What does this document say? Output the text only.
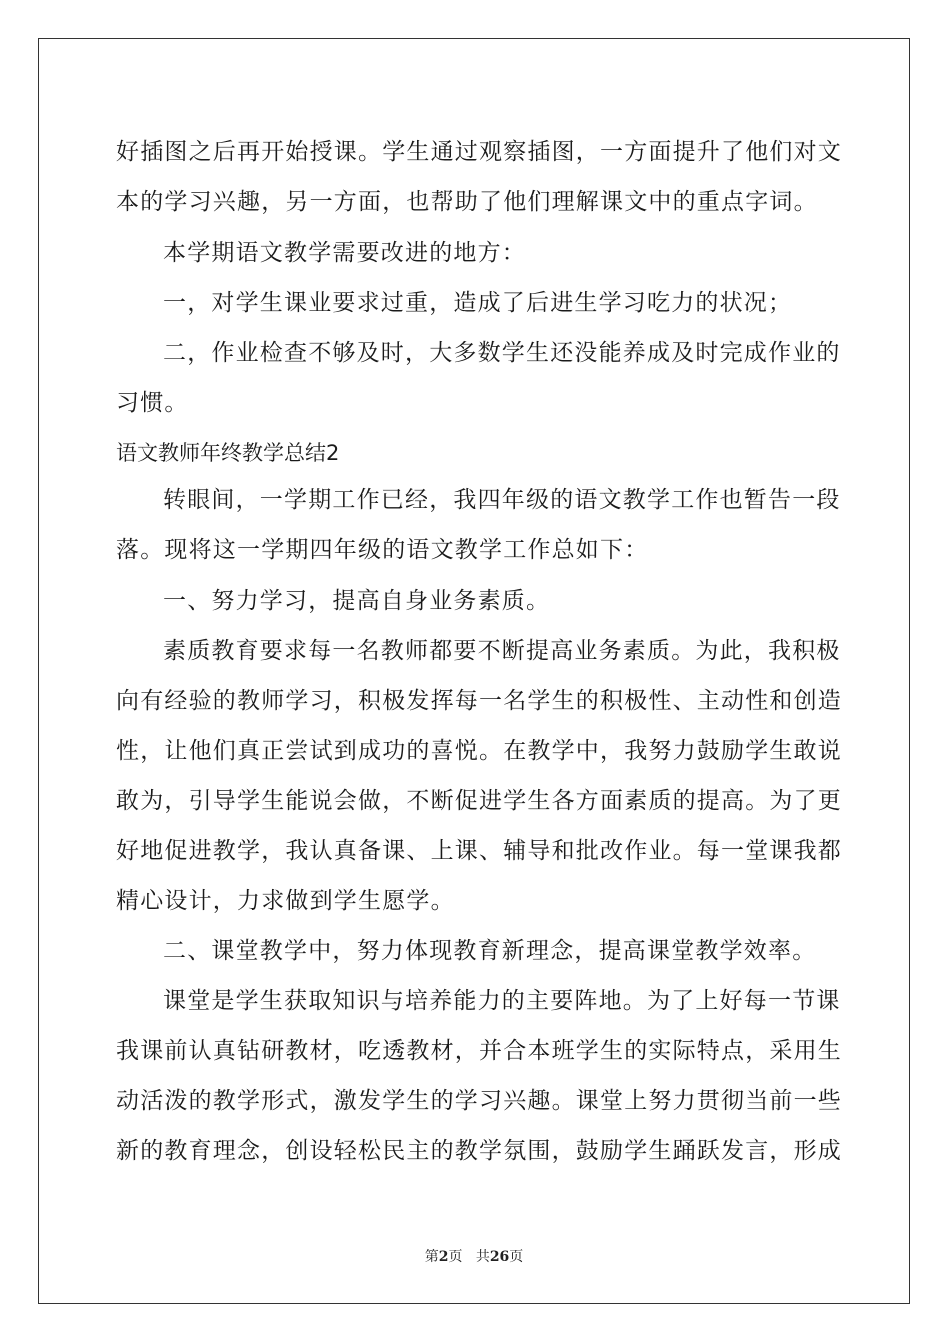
好插图之后再开始授课。学生通过观察插图，一方面提升了他们对文
本的学习兴趣，另一方面，也帮助了他们理解课文中的重点字词。
本学期语文教学需要改进的地方：
一，对学生课业要求过重，造成了后进生学习吃力的状况；
二，作业检查不够及时，大多数学生还没能养成及时完成作业的
习惯。
语文教师年终教学总结2
转眼间，一学期工作已经，我四年级的语文教学工作也暂告一段
落。现将这一学期四年级的语文教学工作总如下：
一、努力学习，提高自身业务素质。
素质教育要求每一名教师都要不断提高业务素质。为此，我积极
向有经验的教师学习，积极发挥每一名学生的积极性、主动性和创造
性，让他们真正尝试到成功的喜悦。在教学中，我努力鼓励学生敢说
敢为，引导学生能说会做，不断促进学生各方面素质的提高。为了更
好地促进教学，我认真备课、上课、辅导和批改作业。每一堂课我都
精心设计，力求做到学生愿学。
二、课堂教学中，努力体现教育新理念，提高课堂教学效率。
课堂是学生获取知识与培养能力的主要阵地。为了上好每一节课
我课前认真钻研教材，吃透教材，并合本班学生的实际特点，采用生
动活泼的教学形式，激发学生的学习兴趣。课堂上努力贯彻当前一些
新的教育理念，创设轻松民主的教学氛围，鼓励学生踊跃发言，形成
第2页 共26页
